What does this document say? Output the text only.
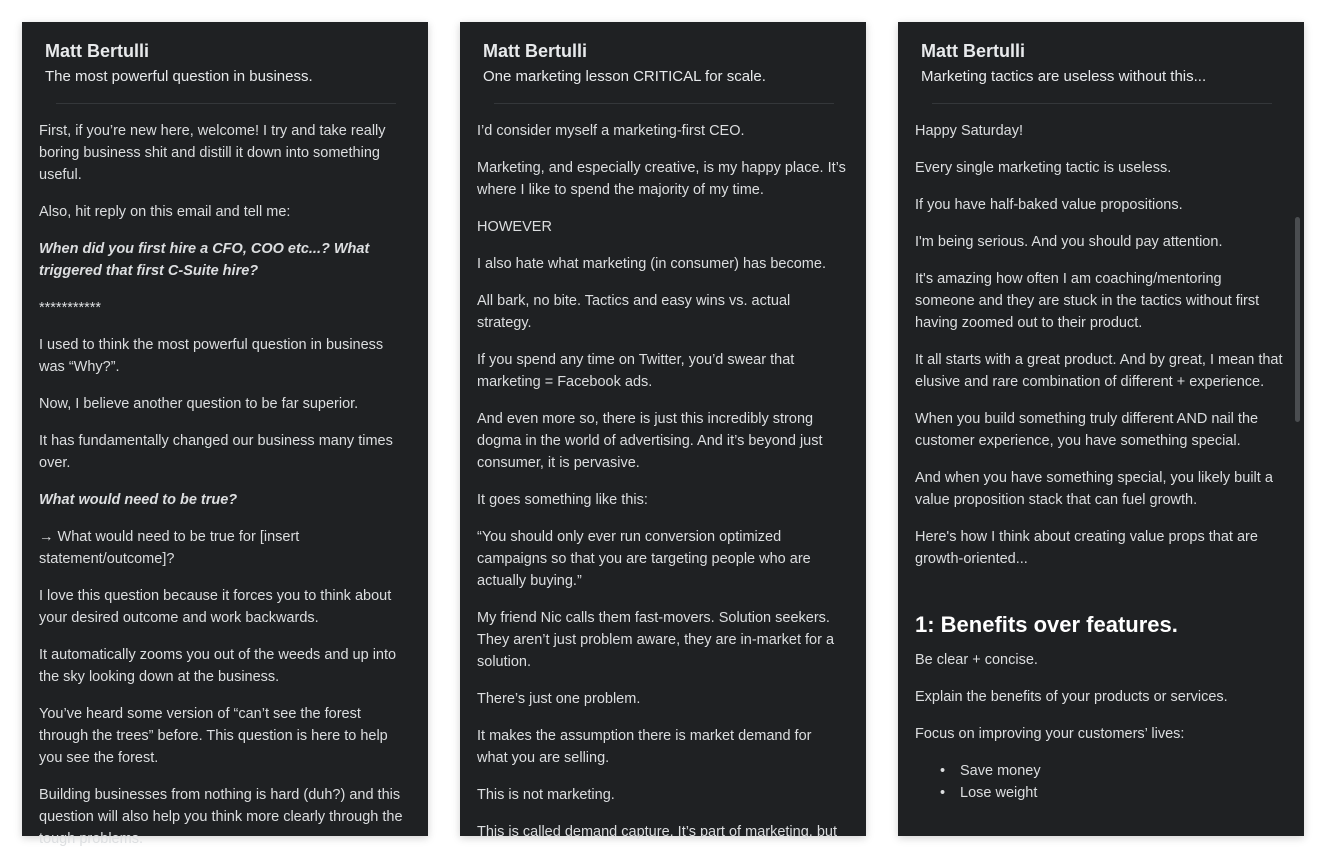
Matt Bertulli
The most powerful question in business.

First, if you’re new here, welcome! I try and take really boring business shit and distill it down into something useful.

Also, hit reply on this email and tell me:

When did you first hire a CFO, COO etc...? What triggered that first C-Suite hire?

***********

I used to think the most powerful question in business was “Why?”.

Now, I believe another question to be far superior.

It has fundamentally changed our business many times over.

What would need to be true?

→ What would need to be true for [insert statement/outcome]?

I love this question because it forces you to think about your desired outcome and work backwards.

It automatically zooms you out of the weeds and up into the sky looking down at the business.

You’ve heard some version of “can’t see the forest through the trees” before. This question is here to help you see the forest.

Building businesses from nothing is hard (duh?) and this question will also help you think more clearly through the tough problems.

Matt Bertulli
One marketing lesson CRITICAL for scale.

I’d consider myself a marketing-first CEO.

Marketing, and especially creative, is my happy place. It’s where I like to spend the majority of my time.

HOWEVER

I also hate what marketing (in consumer) has become.

All bark, no bite. Tactics and easy wins vs. actual strategy.

If you spend any time on Twitter, you’d swear that marketing = Facebook ads.

And even more so, there is just this incredibly strong dogma in the world of advertising. And it’s beyond just consumer, it is pervasive.

It goes something like this:

“You should only ever run conversion optimized campaigns so that you are targeting people who are actually buying.”

My friend Nic calls them fast-movers. Solution seekers. They aren’t just problem aware, they are in-market for a solution.

There’s just one problem.

It makes the assumption there is market demand for what you are selling.

This is not marketing.

This is called demand capture. It’s part of marketing, but

Matt Bertulli
Marketing tactics are useless without this...

Happy Saturday!

Every single marketing tactic is useless.

If you have half-baked value propositions.

I'm being serious. And you should pay attention.

It's amazing how often I am coaching/mentoring someone and they are stuck in the tactics without first having zoomed out to their product.

It all starts with a great product. And by great, I mean that elusive and rare combination of different + experience.

When you build something truly different AND nail the customer experience, you have something special.

And when you have something special, you likely built a value proposition stack that can fuel growth.

Here's how I think about creating value props that are growth-oriented...

1: Benefits over features.

Be clear + concise.

Explain the benefits of your products or services.

Focus on improving your customers’ lives:

• Save money
• Lose weight
